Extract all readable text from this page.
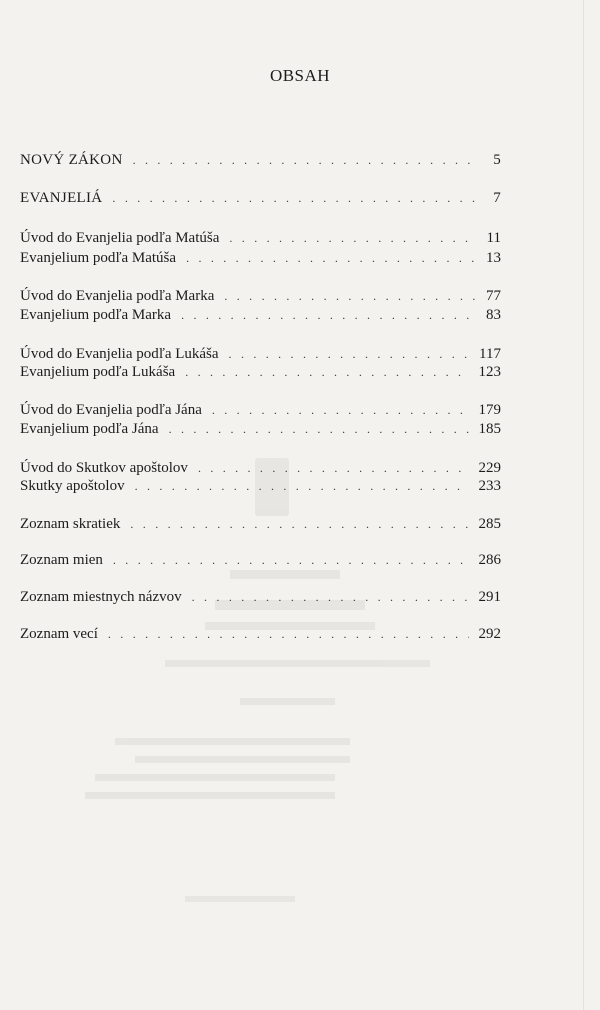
OBSAH
NOVÝ ZÁKON . . .	5
EVANJELIÁ . . .	7
Úvod do Evanjelia podľa Matúša . . .	11
Evanjelium podľa Matúša . . .	13
Úvod do Evanjelia podľa Marka . . .	77
Evanjelium podľa Marka . . .	83
Úvod do Evanjelia podľa Lukáša . . .	117
Evanjelium podľa Lukáša . . .	123
Úvod do Evanjelia podľa Jána . . .	179
Evanjelium podľa Jána . . .	185
Úvod do Skutkov apoštolov . . .	229
Skutky apoštolov . . .	233
Zoznam skratiek . . .	285
Zoznam mien . . .	286
Zoznam miestnych názvov . . .	291
Zoznam vecí . . .	292
